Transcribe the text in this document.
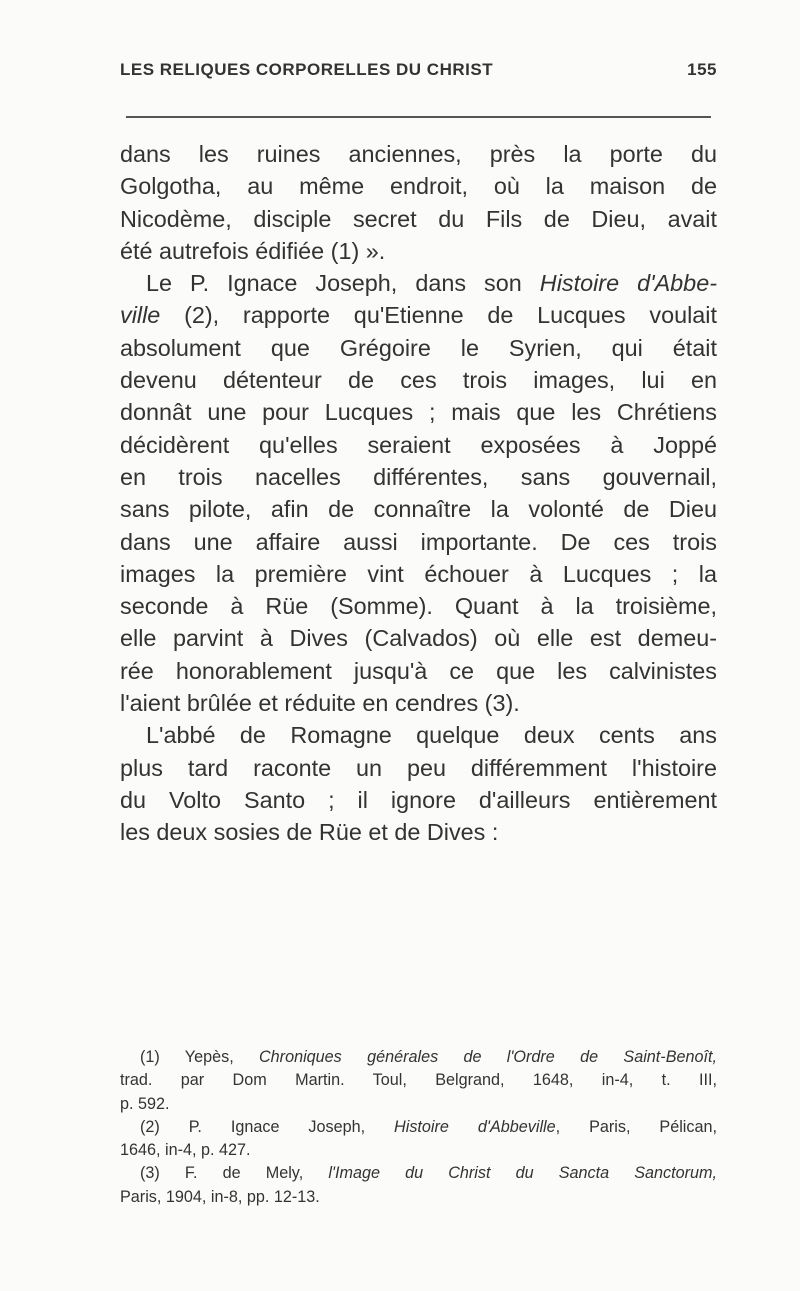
LES RELIQUES CORPORELLES DU CHRIST	155
dans les ruines anciennes, près la porte du
Golgotha, au même endroit, où la maison de
Nicodème, disciple secret du Fils de Dieu, avait
été autrefois édifiée (1) ».
Le P. Ignace Joseph, dans son Histoire d'Abbe-
ville (2), rapporte qu'Etienne de Lucques voulait
absolument que Grégoire le Syrien, qui était
devenu détenteur de ces trois images, lui en
donnât une pour Lucques ; mais que les Chrétiens
décidèrent qu'elles seraient exposées à Joppé
en trois nacelles différentes, sans gouvernail,
sans pilote, afin de connaître la volonté de Dieu
dans une affaire aussi importante. De ces trois
images la première vint échouer à Lucques ; la
seconde à Rüe (Somme). Quant à la troisième,
elle parvint à Dives (Calvados) où elle est demeu-
rée honorablement jusqu'à ce que les calvinistes
l'aient brûlée et réduite en cendres (3).
L'abbé de Romagne quelque deux cents ans
plus tard raconte un peu différemment l'histoire
du Volto Santo ; il ignore d'ailleurs entièrement
les deux sosies de Rüe et de Dives :
(1) Yepès, Chroniques générales de l'Ordre de Saint-Benoît,
trad. par Dom Martin. Toul, Belgrand, 1648, in-4, t. III,
p. 592.
(2) P. Ignace Joseph, Histoire d'Abbeville, Paris, Pélican,
1646, in-4, p. 427.
(3) F. de Mely, l'Image du Christ du Sancta Sanctorum,
Paris, 1904, in-8, pp. 12-13.
